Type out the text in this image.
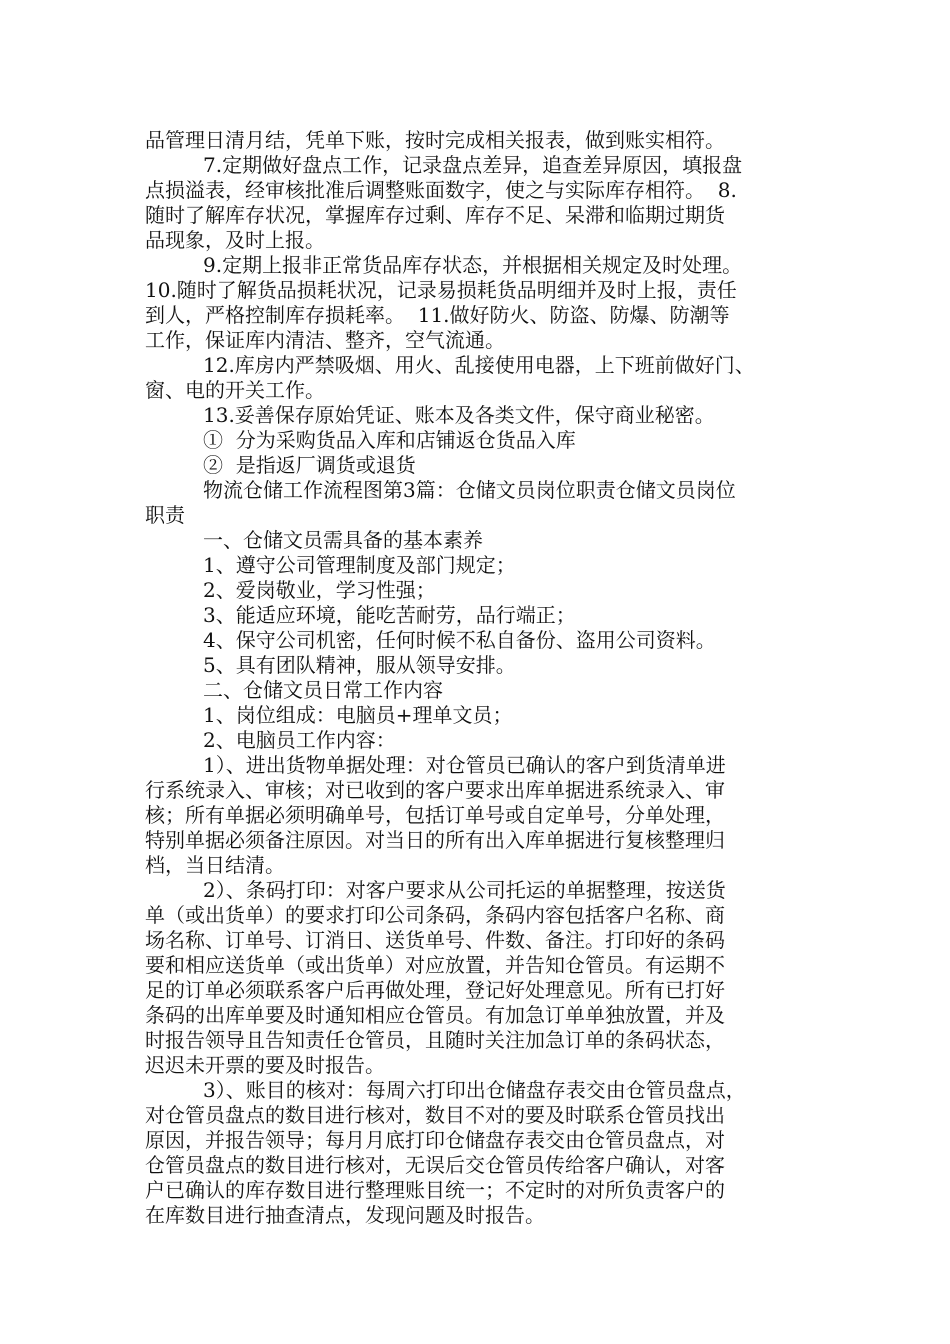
品管理日清月结，凭单下账，按时完成相关报表，做到账实相符。
7.定期做好盘点工作，记录盘点差异，追查差异原因，填报盘
点损溢表，经审核批准后调整账面数字，使之与实际库存相符。  8.
随时了解库存状况，掌握库存过剩、库存不足、呆滞和临期过期货
品现象，及时上报。
9.定期上报非正常货品库存状态，并根据相关规定及时处理。
10.随时了解货品损耗状况，记录易损耗货品明细并及时上报，责任
到人，严格控制库存损耗率。  11.做好防火、防盗、防爆、防潮等
工作，保证库内清洁、整齐，空气流通。
12.库房内严禁吸烟、用火、乱接使用电器，上下班前做好门、
窗、电的开关工作。
13.妥善保存原始凭证、账本及各类文件，保守商业秘密。
①  分为采购货品入库和店铺返仓货品入库
②  是指返厂调货或退货
物流仓储工作流程图第3篇：仓储文员岗位职责仓储文员岗位
职责
一、仓储文员需具备的基本素养
1、遵守公司管理制度及部门规定；
2、爱岗敬业，学习性强；
3、能适应环境，能吃苦耐劳，品行端正；
4、保守公司机密，任何时候不私自备份、盗用公司资料。
5、具有团队精神，服从领导安排。
二、仓储文员日常工作内容
1、岗位组成：电脑员+理单文员；
2、电脑员工作内容：
1）、进出货物单据处理：对仓管员已确认的客户到货清单进
行系统录入、审核；对已收到的客户要求出库单据进系统录入、审
核；所有单据必须明确单号，包括订单号或自定单号，分单处理，
特别单据必须备注原因。对当日的所有出入库单据进行复核整理归
档，当日结清。
2）、条码打印：对客户要求从公司托运的单据整理，按送货
单（或出货单）的要求打印公司条码，条码内容包括客户名称、商
场名称、订单号、订消日、送货单号、件数、备注。打印好的条码
要和相应送货单（或出货单）对应放置，并告知仓管员。有运期不
足的订单必须联系客户后再做处理，登记好处理意见。所有已打好
条码的出库单要及时通知相应仓管员。有加急订单单独放置，并及
时报告领导且告知责任仓管员，且随时关注加急订单的条码状态，
迟迟未开票的要及时报告。
3）、账目的核对：每周六打印出仓储盘存表交由仓管员盘点，
对仓管员盘点的数目进行核对，数目不对的要及时联系仓管员找出
原因，并报告领导；每月月底打印仓储盘存表交由仓管员盘点，对
仓管员盘点的数目进行核对，无误后交仓管员传给客户确认，对客
户已确认的库存数目进行整理账目统一；不定时的对所负责客户的
在库数目进行抽查清点，发现问题及时报告。
